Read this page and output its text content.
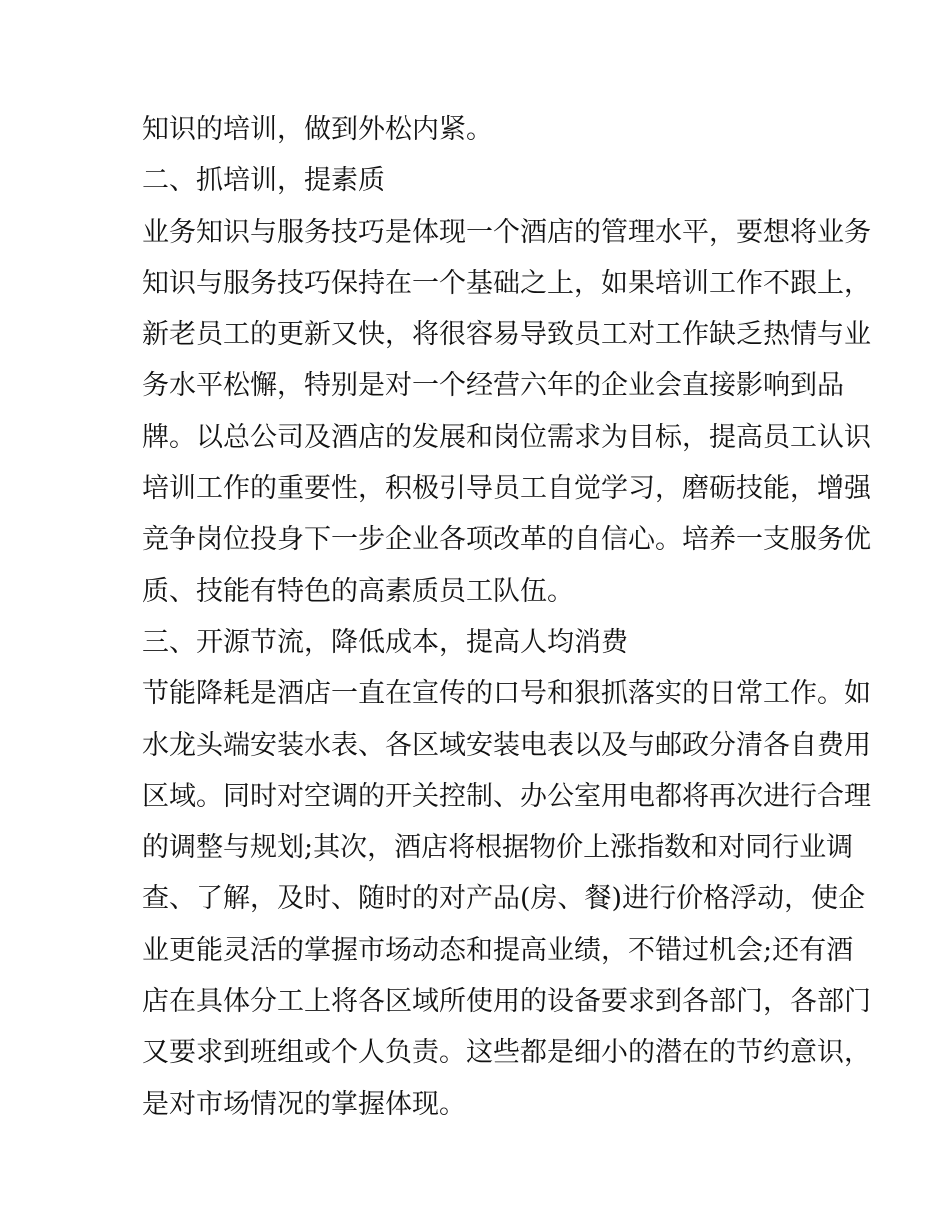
知识的培训，做到外松内紧。
二、抓培训，提素质
业务知识与服务技巧是体现一个酒店的管理水平，要想将业务
知识与服务技巧保持在一个基础之上，如果培训工作不跟上，
新老员工的更新又快，将很容易导致员工对工作缺乏热情与业
务水平松懈，特别是对一个经营六年的企业会直接影响到品
牌。以总公司及酒店的发展和岗位需求为目标，提高员工认识
培训工作的重要性，积极引导员工自觉学习，磨砺技能，增强
竞争岗位投身下一步企业各项改革的自信心。培养一支服务优
质、技能有特色的高素质员工队伍。
三、开源节流，降低成本，提高人均消费
节能降耗是酒店一直在宣传的口号和狠抓落实的日常工作。如
水龙头端安装水表、各区域安装电表以及与邮政分清各自费用
区域。同时对空调的开关控制、办公室用电都将再次进行合理
的调整与规划;其次，酒店将根据物价上涨指数和对同行业调
查、了解，及时、随时的对产品(房、餐)进行价格浮动，使企
业更能灵活的掌握市场动态和提高业绩，不错过机会;还有酒
店在具体分工上将各区域所使用的设备要求到各部门，各部门
又要求到班组或个人负责。这些都是细小的潜在的节约意识，
是对市场情况的掌握体现。
